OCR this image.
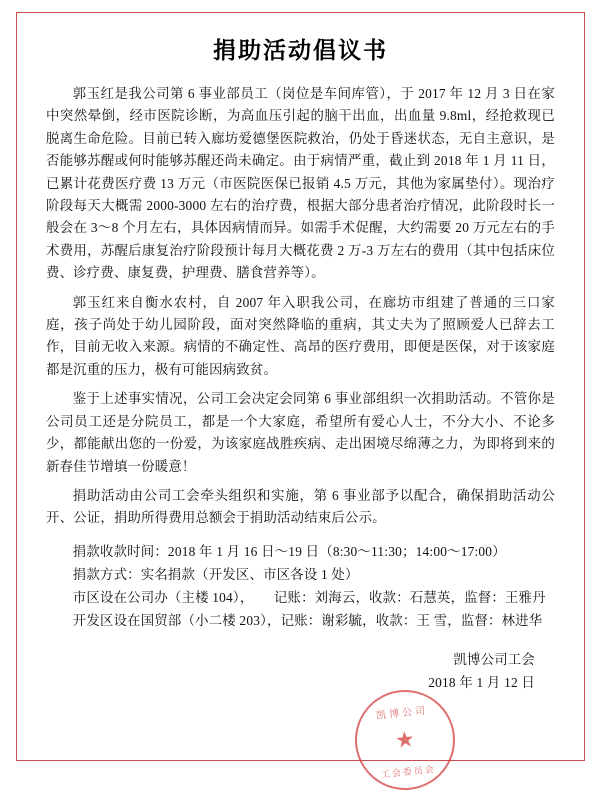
捐助活动倡议书

郭玉红是我公司第 6 事业部员工（岗位是车间库管），于 2017 年 12 月 3 日在家中突然晕倒，经市医院诊断，为高血压引起的脑干出血，出血量 9.8ml，经抢救现已脱离生命危险。目前已转入廊坊爱德堡医院救治，仍处于昏迷状态，无自主意识，是否能够苏醒或何时能够苏醒还尚未确定。由于病情严重，截止到 2018 年 1 月 11 日，已累计花费医疗费 13 万元（市医院医保已报销 4.5 万元，其他为家属垫付）。现治疗阶段每天大概需 2000-3000 左右的治疗费，根据大部分患者治疗情况，此阶段时长一般会在 3～8 个月左右，具体因病情而异。如需手术促醒，大约需要 20 万元左右的手术费用，苏醒后康复治疗阶段预计每月大概花费 2 万-3 万左右的费用（其中包括床位费、诊疗费、康复费，护理费、膳食营养等）。

郭玉红来自衡水农村，自 2007 年入职我公司，在廊坊市组建了普通的三口家庭，孩子尚处于幼儿园阶段，面对突然降临的重病，其丈夫为了照顾爱人已辞去工作，目前无收入来源。病情的不确定性、高昂的医疗费用，即便是医保，对于该家庭都是沉重的压力，极有可能因病致贫。

鉴于上述事实情况，公司工会决定会同第 6 事业部组织一次捐助活动。不管你是公司员工还是分院员工，都是一个大家庭，希望所有爱心人士，不分大小、不论多少，都能献出您的一份爱，为该家庭战胜疾病、走出困境尽绵薄之力，为即将到来的新春佳节增填一份暖意！

捐助活动由公司工会牵头组织和实施，第 6 事业部予以配合，确保捐助活动公开、公证，捐助所得费用总额会于捐助活动结束后公示。

捐款收款时间：2018 年 1 月 16 日～19 日（8:30～11:30；14:00～17:00）
捐款方式：实名捐款（开发区、市区各设 1 处）
市区设在公司办（主楼 104），　　记账：刘海云，收款：石慧英，监督：王雅丹
开发区设在国贸部（小二楼 203），记账：谢彩毓，收款：王 雪，监督：林进华
凯博公司工会
2018 年 1 月 12 日
凯博公司
★
工会委员会
